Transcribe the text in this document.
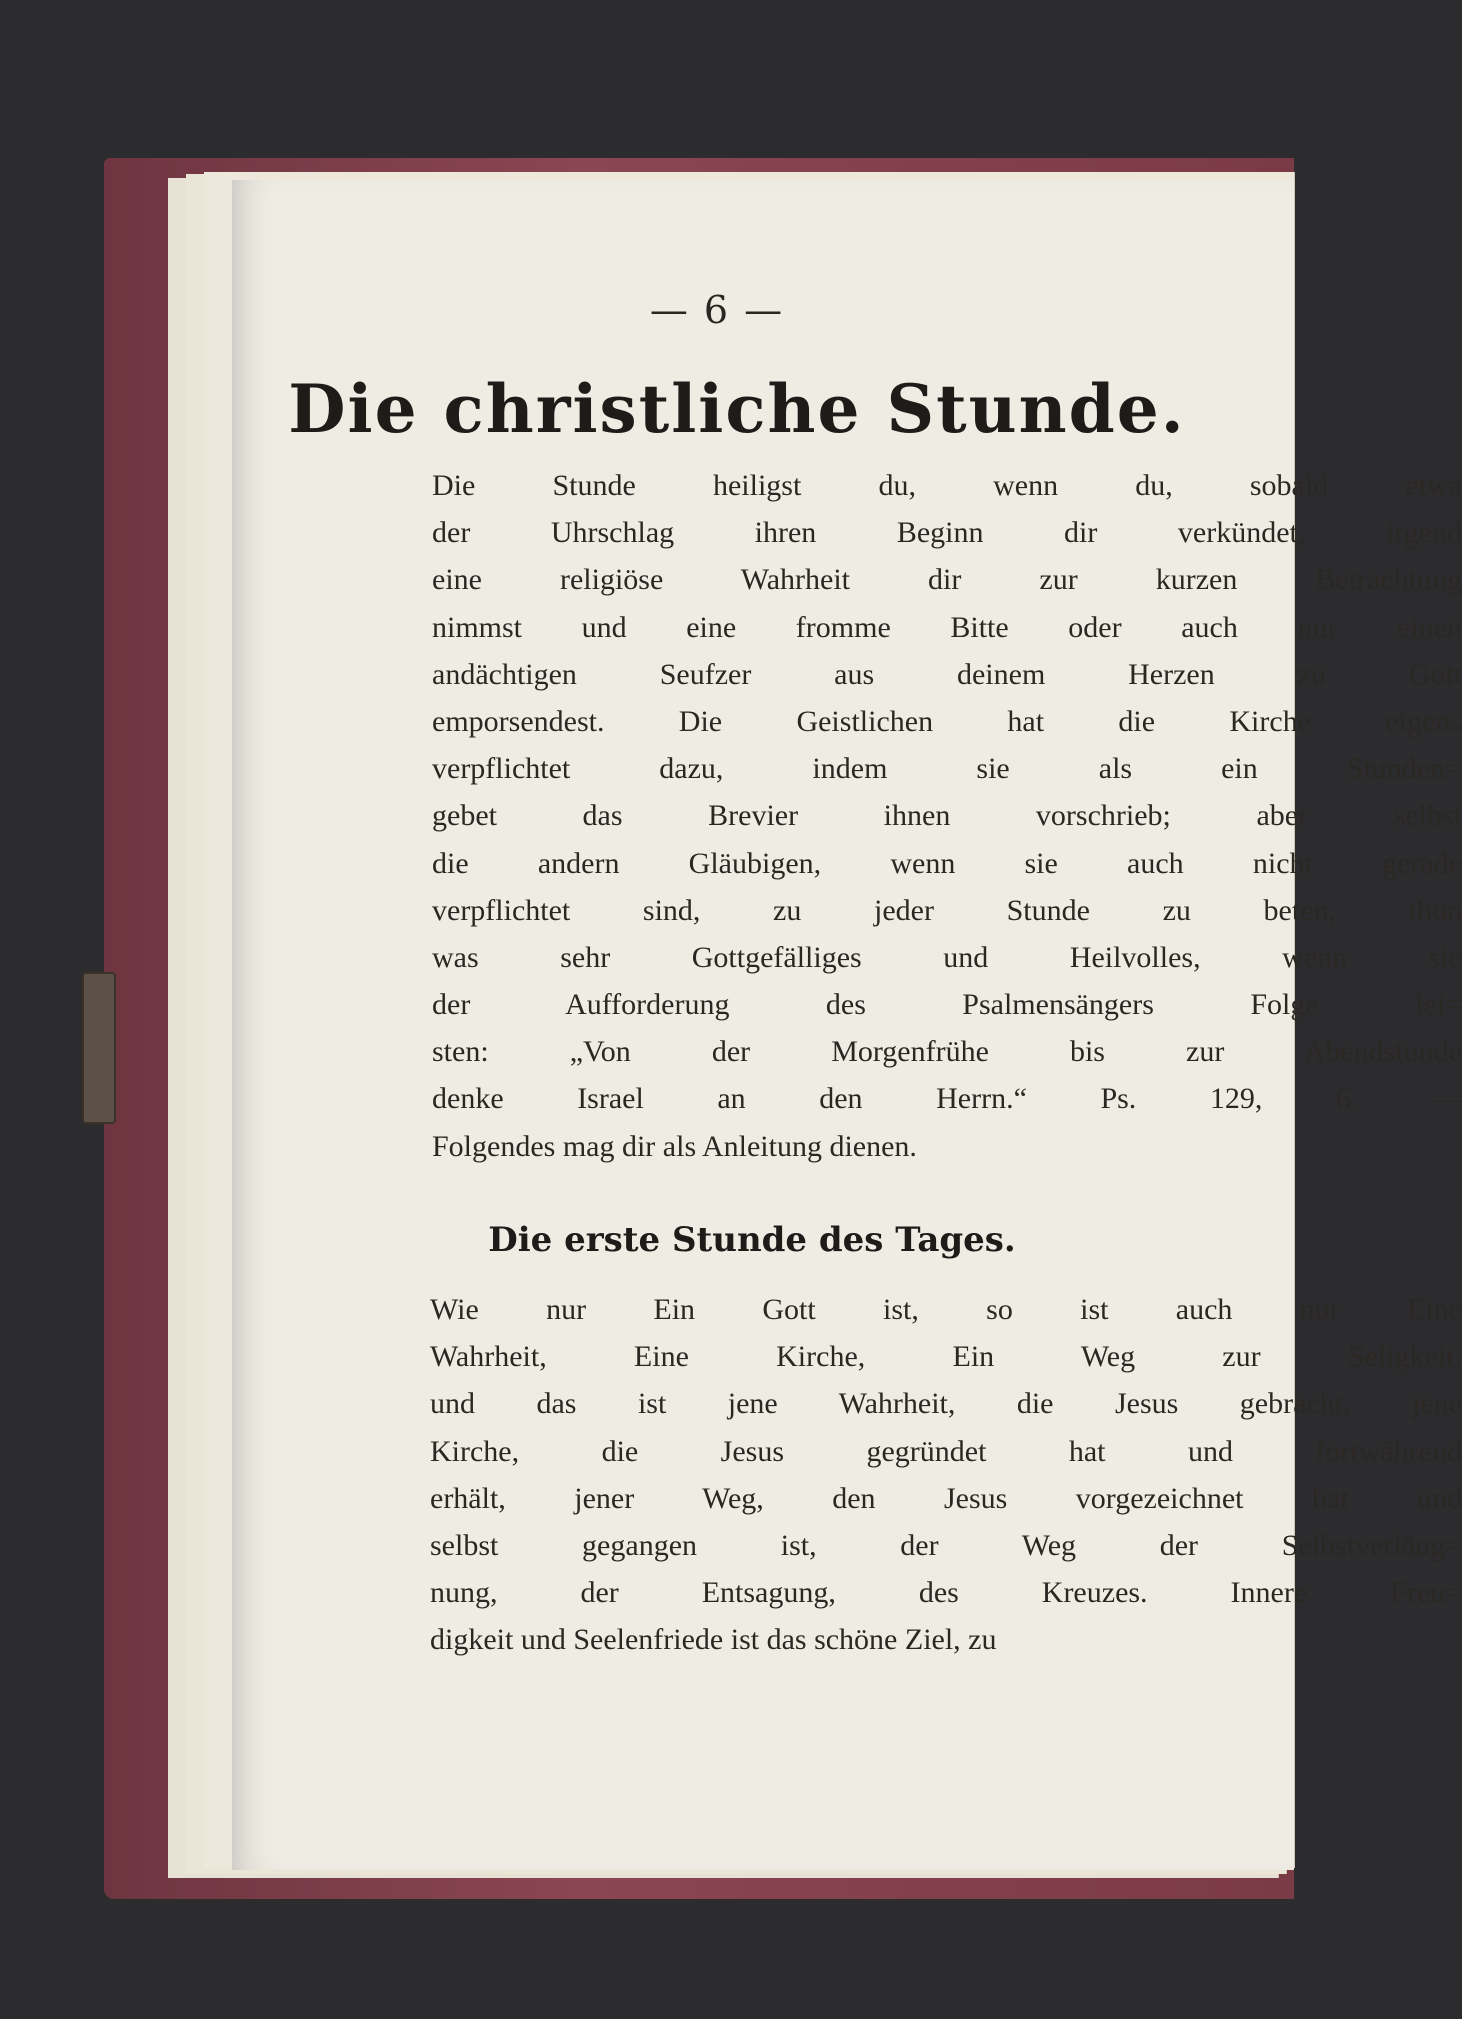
— 6 —
Die christliche Stunde.
Die Stunde heiligst du, wenn du, sobald etwa
der Uhrschlag ihren Beginn dir verkündet, irgend
eine religiöse Wahrheit dir zur kurzen Betrachtung
nimmst und eine fromme Bitte oder auch nur einen
andächtigen Seufzer aus deinem Herzen zu Gott
emporsendest. Die Geistlichen hat die Kirche eigens
verpflichtet dazu, indem sie als ein Stunden=
gebet das Brevier ihnen vorschrieb; aber selbst
die andern Gläubigen, wenn sie auch nicht gerade
verpflichtet sind, zu jeder Stunde zu beten, thun
was sehr Gottgefälliges und Heilvolles, wenn sie
der Aufforderung des Psalmensängers Folge lei=
sten: „Von der Morgenfrühe bis zur Abendstunde
denke Israel an den Herrn.“ Ps. 129, 6. —
Folgendes mag dir als Anleitung dienen.
Die erste Stunde des Tages.
Wie nur Ein Gott ist, so ist auch nur Eine
Wahrheit, Eine Kirche, Ein Weg zur Seligkeit,
und das ist jene Wahrheit, die Jesus gebracht, jene
Kirche, die Jesus gegründet hat und fortwährend
erhält, jener Weg, den Jesus vorgezeichnet hat und
selbst gegangen ist, der Weg der Selbstverläug=
nung, der Entsagung, des Kreuzes. Innere Freu=
digkeit und Seelenfriede ist das schöne Ziel, zu
